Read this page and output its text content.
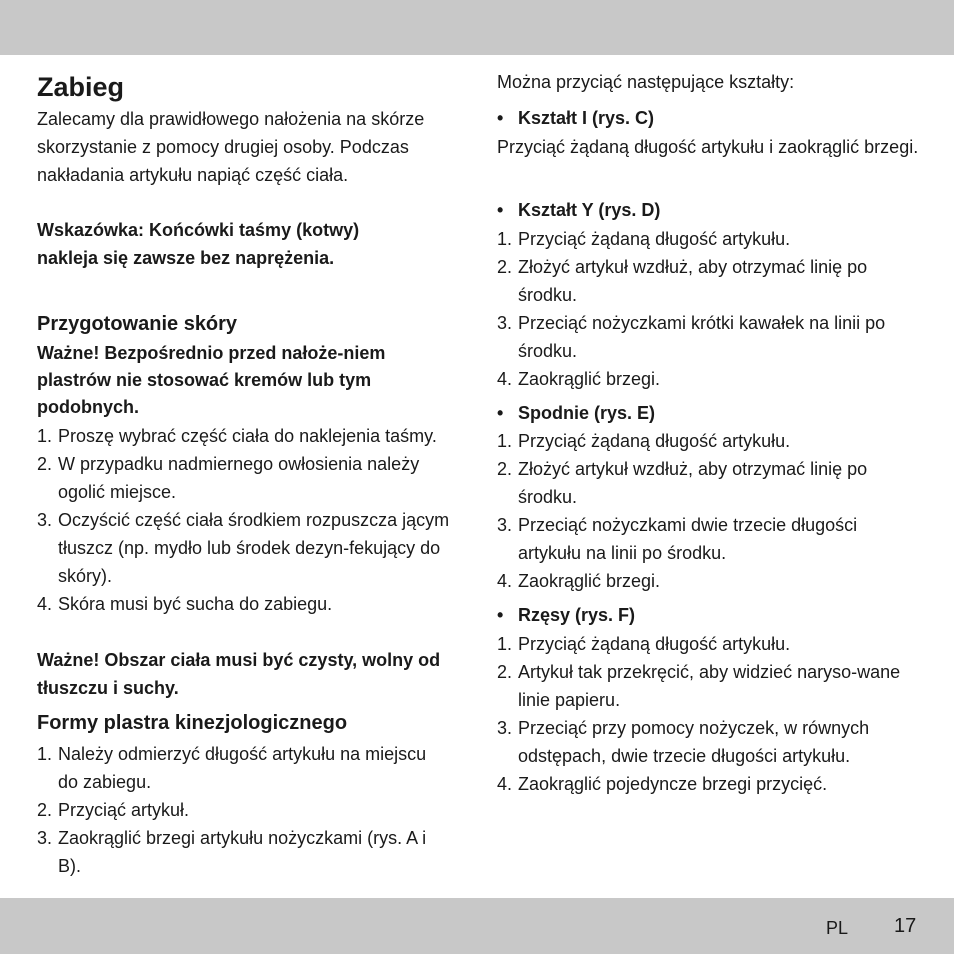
Zabieg

Zalecamy dla prawidłowego nałożenia na skórze skorzystanie z pomocy drugiej osoby. Podczas nakładania artykułu napiąć część ciała.

Wskazówka: Końcówki taśmy (kotwy) nakleja się zawsze bez naprężenia.

Przygotowanie skóry

Ważne! Bezpośrednio przed nałoże-niem plastrów nie stosować kremów lub tym podobnych.

1. Proszę wybrać część ciała do naklejenia taśmy.
2. W przypadku nadmiernego owłosienia należy ogolić miejsce.
3. Oczyścić część ciała środkiem rozpuszcza jącym tłuszcz (np. mydło lub środek dezyn-fekujący do skóry).
4. Skóra musi być sucha do zabiegu.

Ważne! Obszar ciała musi być czysty, wolny od tłuszczu i suchy.

Formy plastra kinezjologicznego
1. Należy odmierzyć długość artykułu na miejscu do zabiegu.
2. Przyciąć artykuł.
3. Zaokrąglić brzegi artykułu nożyczkami (rys. A i B).

Można przyciąć następujące kształty:

• Kształt I (rys. C)

Przyciąć żądaną długość artykułu i zaokrąglić brzegi.

• Kształt Y (rys. D)
1. Przyciąć żądaną długość artykułu.
2. Złożyć artykuł wzdłuż, aby otrzymać linię po środku.
3. Przeciąć nożyczkami krótki kawałek na linii po środku.
4. Zaokrąglić brzegi.
• Spodnie (rys. E)
1. Przyciąć żądaną długość artykułu.
2. Złożyć artykuł wzdłuż, aby otrzymać linię po środku.
3. Przeciąć nożyczkami dwie trzecie długości artykułu na linii po środku.
4. Zaokrąglić brzegi.
• Rzęsy (rys. F)
1. Przyciąć żądaną długość artykułu.
2. Artykuł tak przekręcić, aby widzieć naryso-wane linie papieru.
3. Przeciąć przy pomocy nożyczek, w równych odstępach, dwie trzecie długości artykułu.
4. Zaokrąglić pojedyncze brzegi przycięć.
PL 17
